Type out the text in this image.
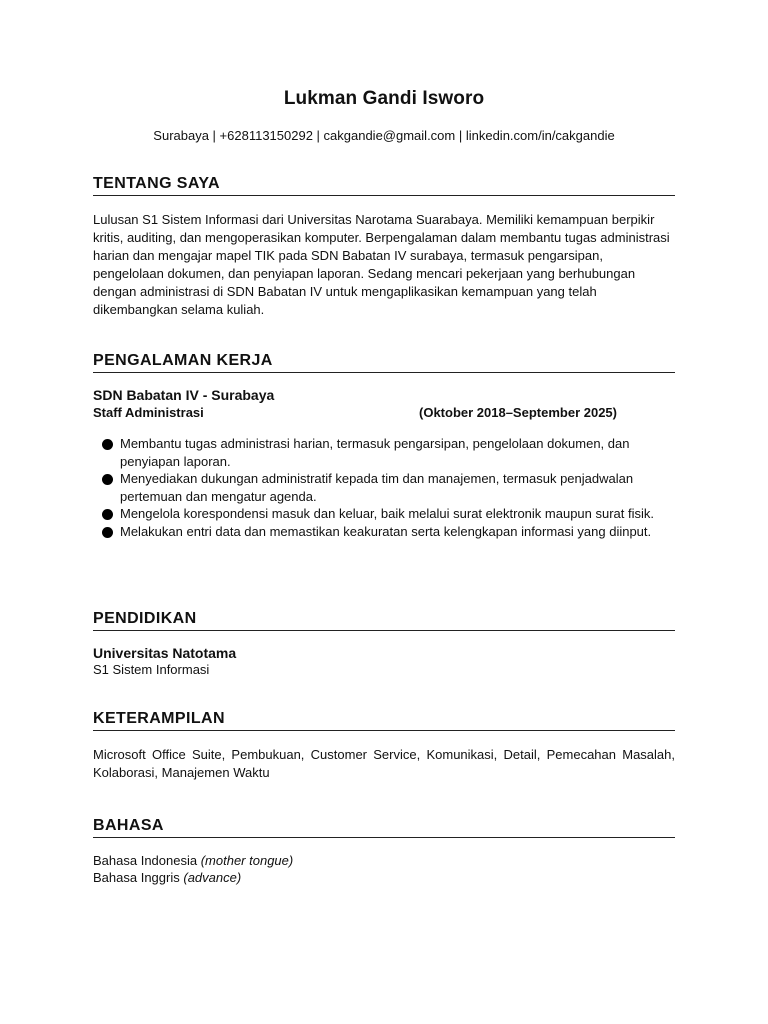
Lukman Gandi Isworo
Surabaya | +628113150292 | cakgandie@gmail.com | linkedin.com/in/cakgandie
TENTANG SAYA
Lulusan S1 Sistem Informasi dari Universitas Narotama Suarabaya. Memiliki kemampuan berpikir kritis, auditing, dan mengoperasikan komputer. Berpengalaman dalam membantu tugas administrasi harian dan mengajar mapel TIK pada SDN Babatan IV surabaya, termasuk pengarsipan, pengelolaan dokumen, dan penyiapan laporan. Sedang mencari pekerjaan yang berhubungan dengan administrasi di SDN Babatan IV untuk mengaplikasikan kemampuan yang telah dikembangkan selama kuliah.
PENGALAMAN KERJA
SDN Babatan IV - Surabaya
Staff Administrasi	(Oktober 2018–September 2025)
Membantu tugas administrasi harian, termasuk pengarsipan, pengelolaan dokumen, dan penyiapan laporan.
Menyediakan dukungan administratif kepada tim dan manajemen, termasuk penjadwalan pertemuan dan mengatur agenda.
Mengelola korespondensi masuk dan keluar, baik melalui surat elektronik maupun surat fisik.
Melakukan entri data dan memastikan keakuratan serta kelengkapan informasi yang diinput.
PENDIDIKAN
Universitas Natotama
S1 Sistem Informasi
KETERAMPILAN
Microsoft Office Suite, Pembukuan, Customer Service, Komunikasi, Detail, Pemecahan Masalah, Kolaborasi, Manajemen Waktu
BAHASA
Bahasa Indonesia (mother tongue)
Bahasa Inggris (advance)
